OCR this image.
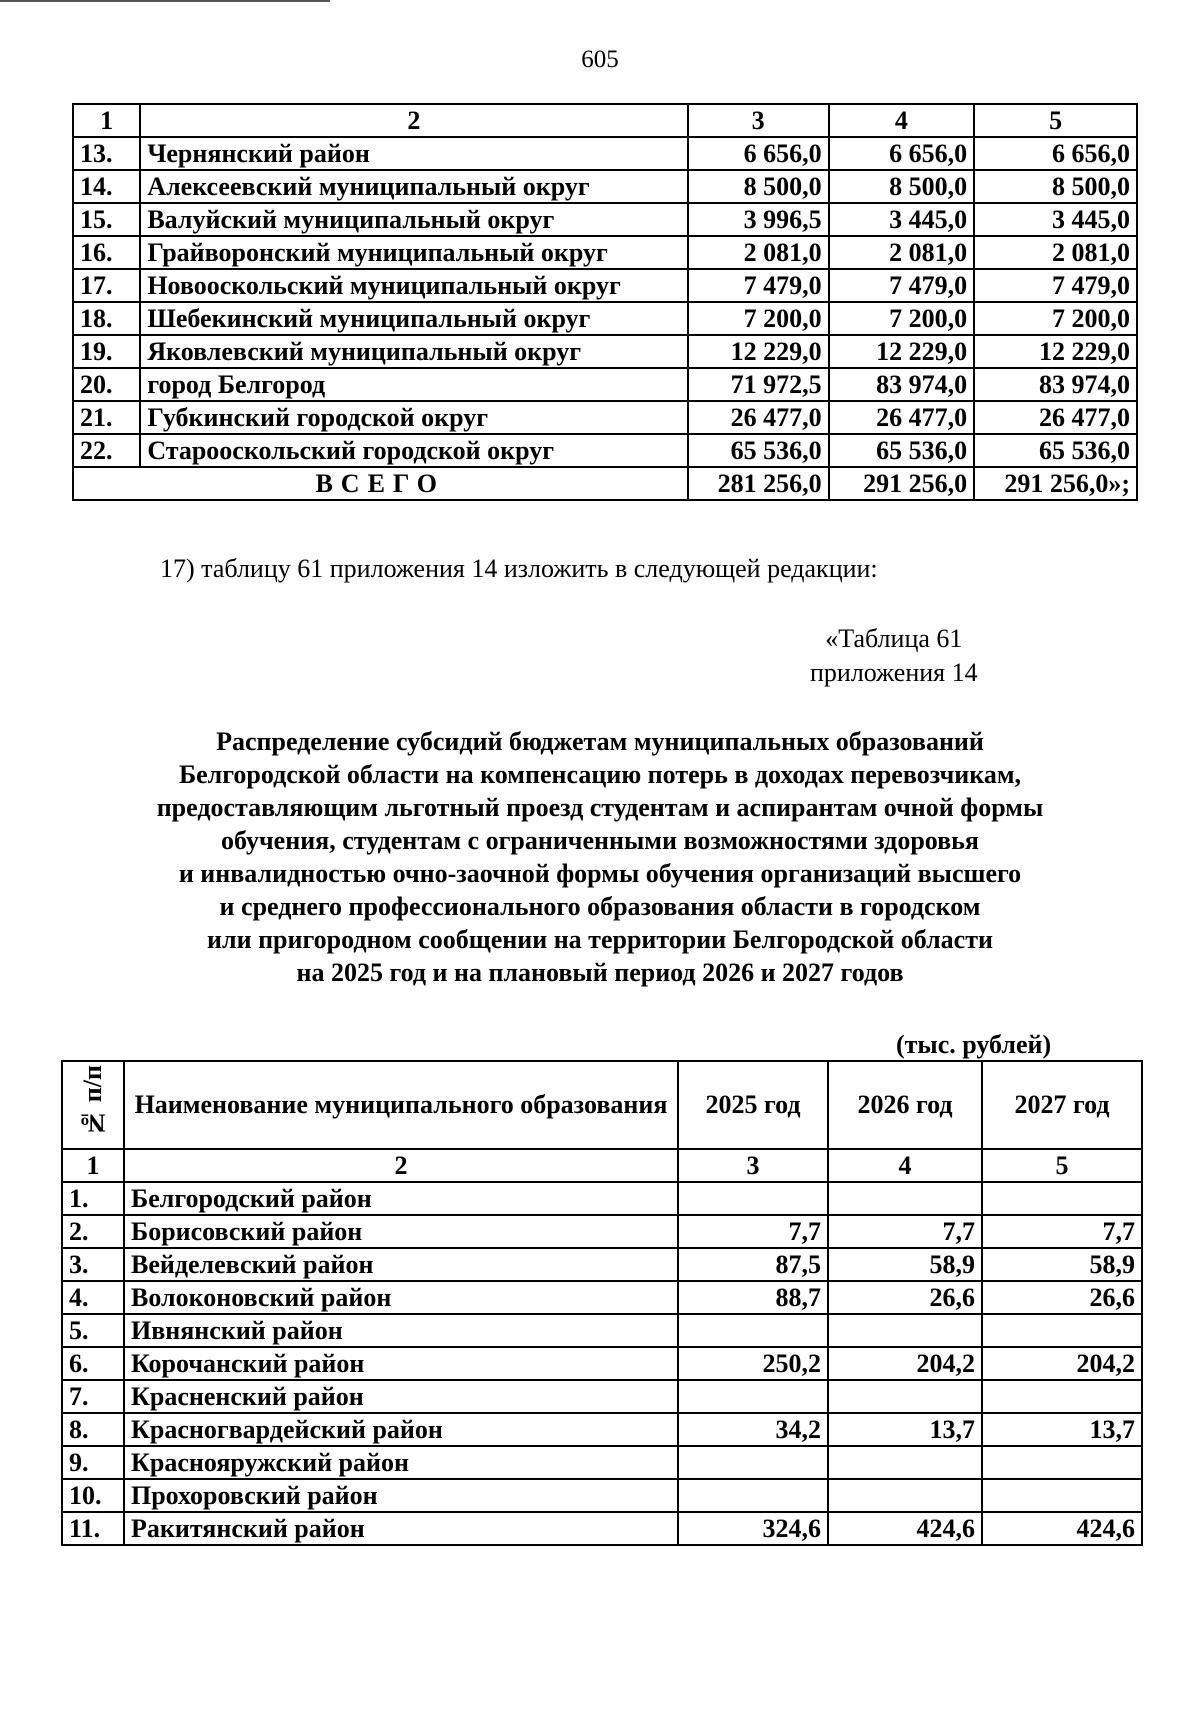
605
1	2	3	4	5
13.	Чернянский район	6 656,0	6 656,0	6 656,0
14.	Алексеевский муниципальный округ	8 500,0	8 500,0	8 500,0
15.	Валуйский муниципальный округ	3 996,5	3 445,0	3 445,0
16.	Грайворонский муниципальный округ	2 081,0	2 081,0	2 081,0
17.	Новооскольский муниципальный округ	7 479,0	7 479,0	7 479,0
18.	Шебекинский муниципальный округ	7 200,0	7 200,0	7 200,0
19.	Яковлевский муниципальный округ	12 229,0	12 229,0	12 229,0
20.	город Белгород	71 972,5	83 974,0	83 974,0
21.	Губкинский городской округ	26 477,0	26 477,0	26 477,0
22.	Старооскольский городской округ	65 536,0	65 536,0	65 536,0
ВСЕГО		281 256,0	291 256,0	291 256,0»;
17) таблицу 61 приложения 14 изложить в следующей редакции:
«Таблица 61
приложения 14
Распределение субсидий бюджетам муниципальных образований
Белгородской области на компенсацию потерь в доходах перевозчикам,
предоставляющим льготный проезд студентам и аспирантам очной формы
обучения, студентам с ограниченными возможностями здоровья
и инвалидностью очно-заочной формы обучения организаций высшего
и среднего профессионального образования области в городском
или пригородном сообщении на территории Белгородской области
на 2025 год и на плановый период 2026 и 2027 годов
(тыс. рублей)
№ п/п	Наименование муниципального образования	2025 год	2026 год	2027 год
1	2	3	4	5
1.	Белгородский район			
2.	Борисовский район	7,7	7,7	7,7
3.	Вейделевский район	87,5	58,9	58,9
4.	Волоконовский район	88,7	26,6	26,6
5.	Ивнянский район			
6.	Корочанский район	250,2	204,2	204,2
7.	Красненский район			
8.	Красногвардейский район	34,2	13,7	13,7
9.	Краснояружский район			
10.	Прохоровский район			
11.	Ракитянский район	324,6	424,6	424,6
